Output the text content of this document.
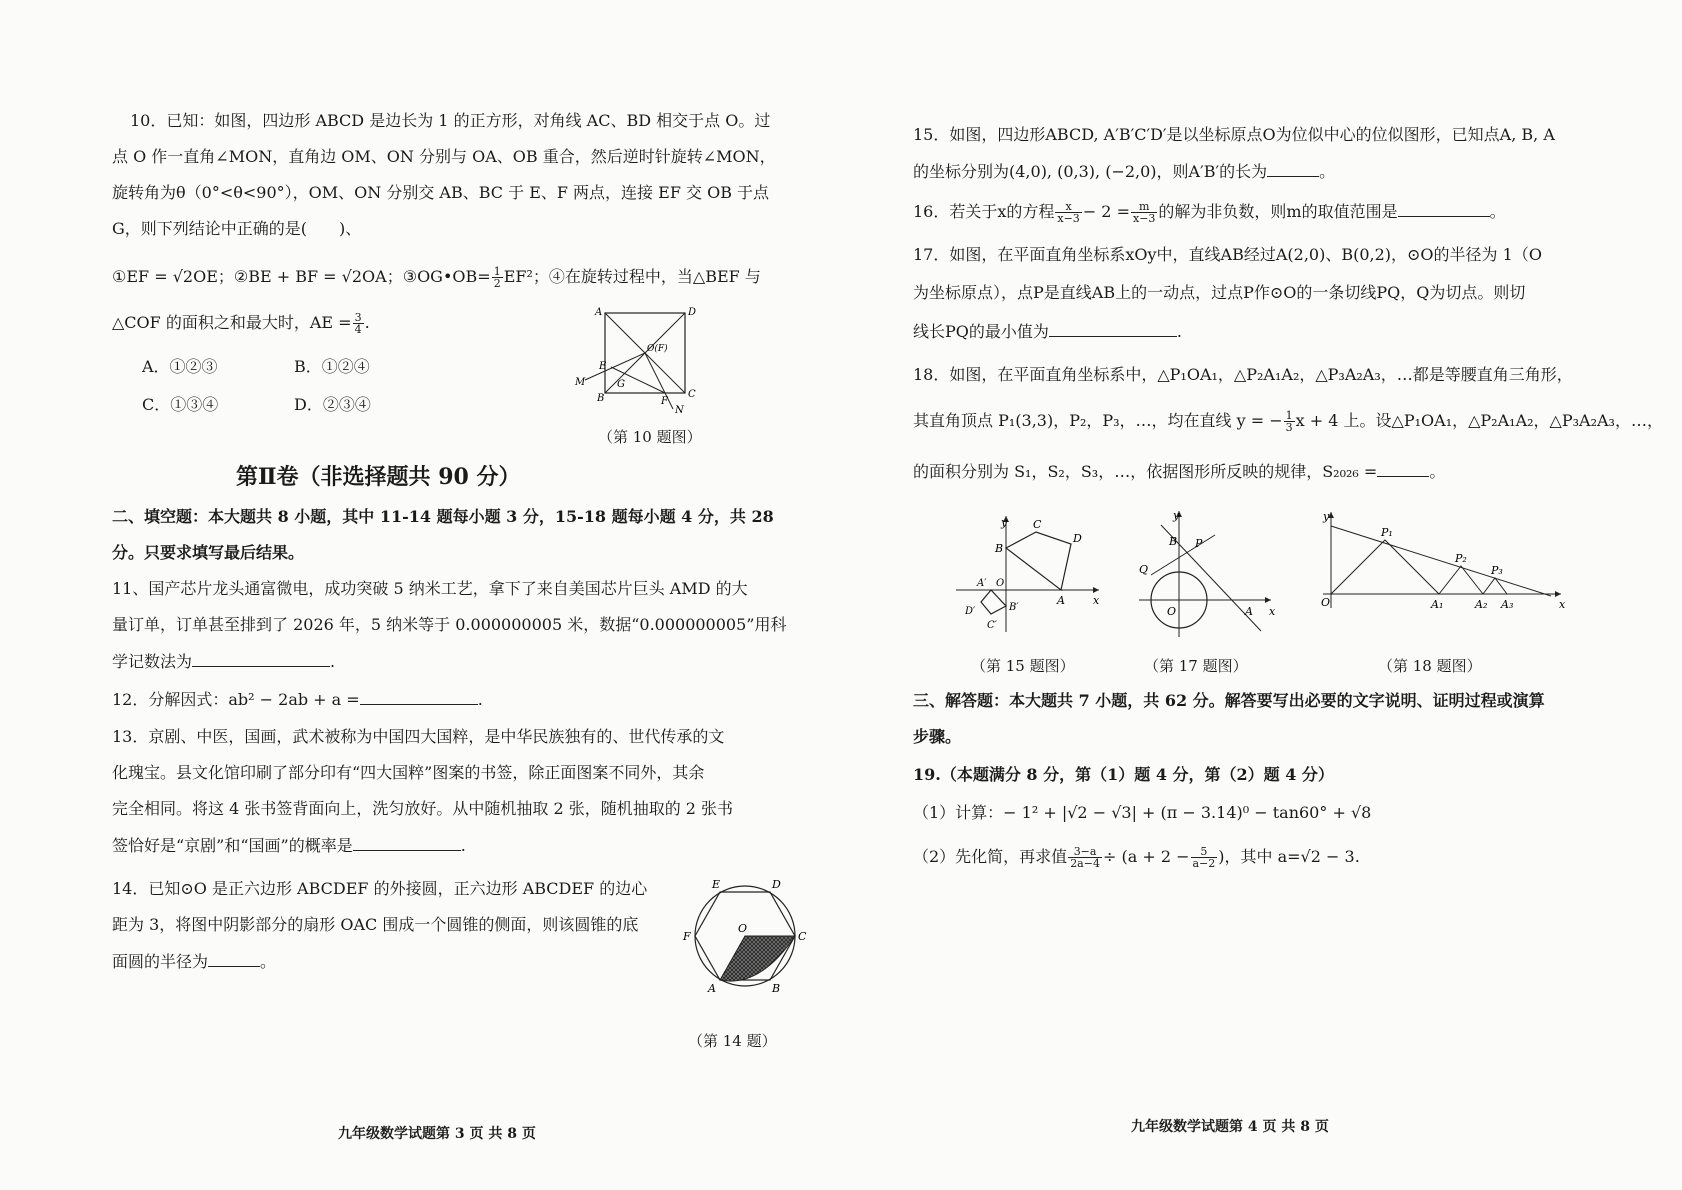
10．已知：如图，四边形 ABCD 是边长为 1 的正方形，对角线 AC、BD 相交于点 O。过
点 O 作一直角∠MON，直角边 OM、ON 分别与 OA、OB 重合，然后逆时针旋转∠MON，
旋转角为θ（0°<θ<90°），OM、ON 分别交 AB、BC 于 E、F 两点，连接 EF 交 OB 于点
G，则下列结论中正确的是(　　)、
①EF = √2OE；②BE + BF = √2OA；③OG•OB= $\frac{1}{2} EF^2$；④在旋转过程中，当△BEF 与
△COF 的面积之和最大时，AE = $\frac{3}{4}$ .
A．①②③	B．①②④
C．①③④	D．②③④
A	D
O(F)
E
M	G
B	F
C
N
（第 10 题图）
第Ⅱ卷（非选择题共 90 分）
二、填空题：本大题共 8 小题，其中 11-14 题每小题 3 分，15-18 题每小题 4 分，共 28
分。只要求填写最后结果。
11、国产芯片龙头通富微电，成功突破 5 纳米工艺，拿下了来自美国芯片巨头 AMD 的大
量订单，订单甚至排到了 2026 年，5 纳米等于 0.000000005 米，数据“0.000000005”用科
学记数法为	.
12．分解因式：ab² − 2ab + a =	.
13．京剧、中医，国画，武术被称为中国四大国粹，是中华民族独有的、世代传承的文
化瑰宝。县文化馆印刷了部分印有“四大国粹”图案的书签，除正面图案不同外，其余
完全相同。将这 4 张书签背面向上，洗匀放好。从中随机抽取 2 张，随机抽取的 2 张书
签恰好是“京剧”和“国画”的概率是	.
14．已知⊙O 是正六边形 ABCDEF 的外接圆，正六边形 ABCDEF 的边心
距为 3，将图中阴影部分的扇形 OAC 围成一个圆锥的侧面，则该圆锥的底
面圆的半径为	。
E	D
O
F	C
A	B
（第 14 题）
九年级数学试题第 3 页 共 8 页
15．如图，四边形ABCD, A′B′C′D′是以坐标原点O为位似中心的位似图形，已知点A, B, A
的坐标分别为(4,0), (0,3), (−2,0)，则A′B′的长为	。
16．若关于x的方程 $\frac{x}{x-3} - 2 = \frac{m}{x-3}$ 的解为非负数，则m的取值范围是	。
17．如图，在平面直角坐标系xOy中，直线AB经过A(2,0)、B(0,2)，⊙O的半径为 1（O
为坐标原点），点P是直线AB上的一动点，过点P作⊙O的一条切线PQ，Q为切点。则切
线长PQ的最小值为	.
18．如图，在平面直角坐标系中，△P₁OA₁，△P₂A₁A₂，△P₃A₂A₃，…都是等腰直角三角形，
其直角顶点 P₁(3,3)，P₂，P₃，…，均在直线 y = − $\frac{1}{3}$ x + 4 上。设△P₁OA₁，△P₂A₁A₂，△P₃A₂A₃，…，
的面积分别为 S₁，S₂，S₃，…，依据图形所反映的规律，S₂₀₂₆ =	。
y
x
C
D
B
A
A′ O
B′
D′
C′
y
x
B P
Q
O	A
y
x
O
P₁
P₂
P₃
A₁	A₂ A₃
（第 15 题图）	（第 17 题图）	（第 18 题图）
三、解答题：本大题共 7 小题，共 62 分。解答要写出必要的文字说明、证明过程或演算
步骤。
19.（本题满分 8 分，第（1）题 4 分，第（2）题 4 分）
（1）计算：− 1² + |√2 − √3| + (π − 3.14)⁰ − tan60° + √8
（2）先化简，再求值 $\frac{3-a}{2a-4} \div (a + 2 - \frac{5}{a-2}$ )，其中 a=√2 − 3.
九年级数学试题第 4 页 共 8 页
